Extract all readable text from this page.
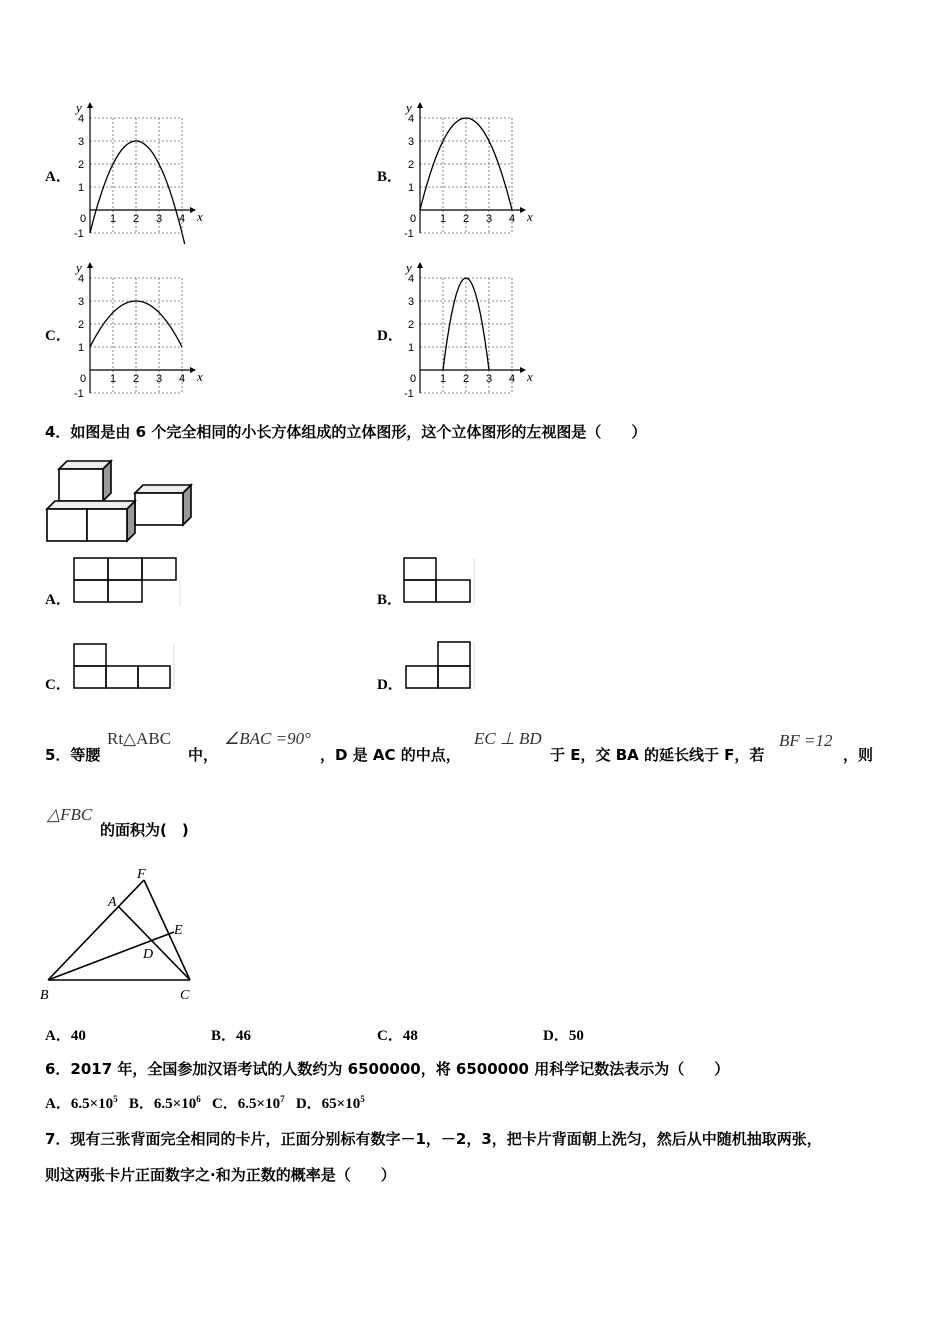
A．	B．
C．	D．
0 1 2 3 4
4
3
2
1
-1
x
y
0 1 2 3 4
4
3
2
1
-1
x
y
0 1 2 3 4
4
3
2
1
-1
x
y
0 1 2 3 4
4
3
2
1
-1
x
y
4．如图是由 6 个完全相同的小长方体组成的立体图形，这个立体图形的左视图是（　　）
A．	B．
C．	D．
5．等腰
Rt△ABC
中，
∠BAC =90°
，D 是 AC 的中点，
EC ⊥ BD
于 E，交 BA 的延长线于 F，若
BF =12
，则
△FBC
的面积为(　)
B	C
A
F
E
D
A．40	B．46	C．48	D．50
6．2017 年，全国参加汉语考试的人数约为 6500000，将 6500000 用科学记数法表示为（　　）
A．$6.5\times 10^5$ B．$6.5\times 10^6$ C．$6.5\times 10^7$ D．$65\times 10^5$
7．现有三张背面完全相同的卡片，正面分别标有数字－1，－2，3，把卡片背面朝上洗匀，然后从中随机抽取两张，
则这两张卡片正面数字之·和为正数的概率是（　　）
